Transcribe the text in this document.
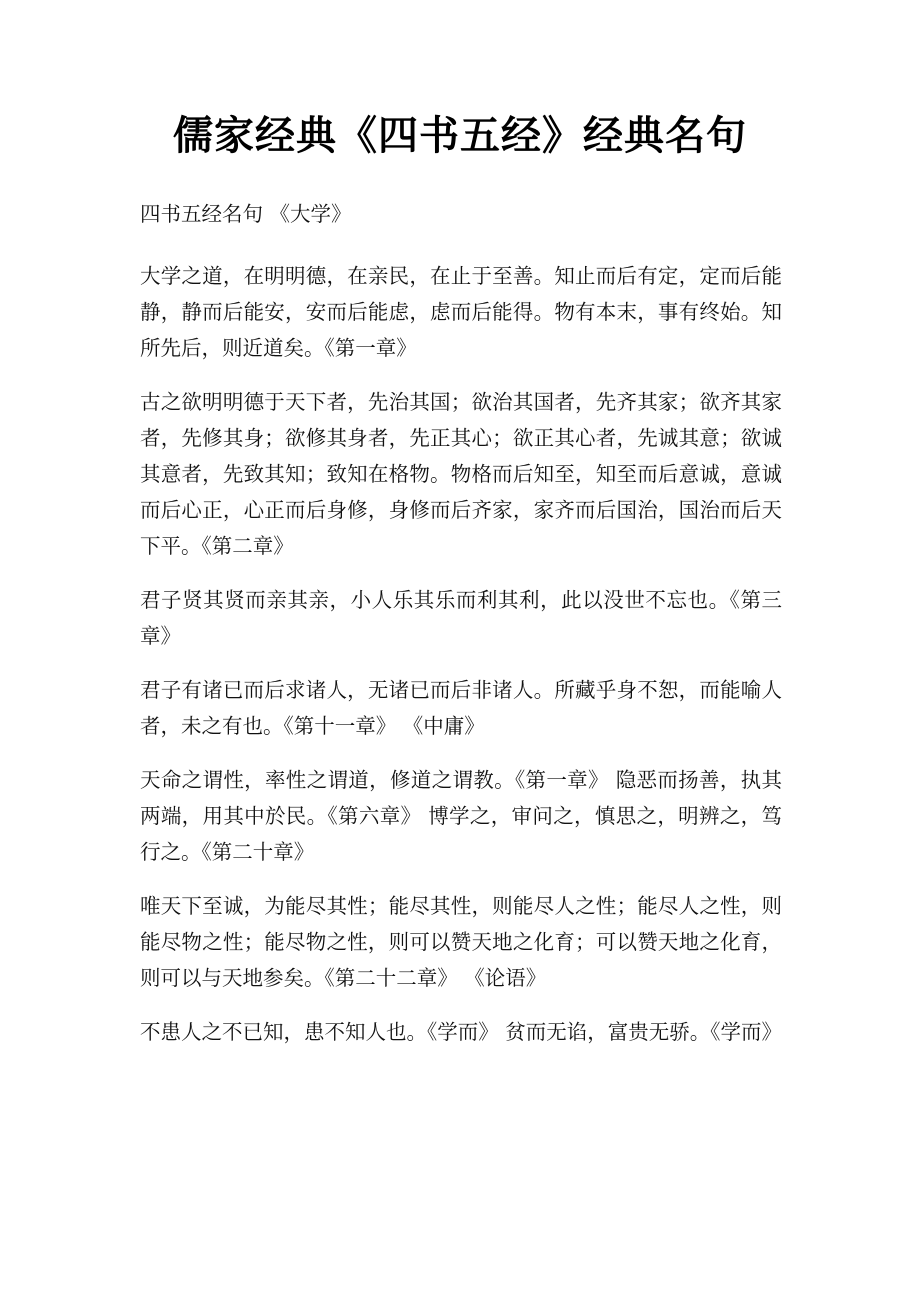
儒家经典《四书五经》经典名句

四书五经名句 《大学》

大学之道，在明明德，在亲民，在止于至善。知止而后有定，定而后能静，静而后能安，安而后能虑，虑而后能得。物有本末，事有终始。知所先后，则近道矣。《第一章》

古之欲明明德于天下者，先治其国；欲治其国者，先齐其家；欲齐其家者，先修其身；欲修其身者，先正其心；欲正其心者，先诚其意；欲诚其意者，先致其知；致知在格物。物格而后知至，知至而后意诚，意诚而后心正，心正而后身修，身修而后齐家，家齐而后国治，国治而后天下平。《第二章》

君子贤其贤而亲其亲，小人乐其乐而利其利，此以没世不忘也。《第三章》

君子有诸已而后求诸人，无诸已而后非诸人。所藏乎身不恕，而能喻人者，未之有也。《第十一章》 《中庸》

天命之谓性，率性之谓道，修道之谓教。《第一章》 隐恶而扬善，执其两端，用其中於民。《第六章》 博学之，审问之，慎思之，明辨之，笃行之。《第二十章》

唯天下至诚，为能尽其性；能尽其性，则能尽人之性；能尽人之性，则能尽物之性；能尽物之性，则可以赞天地之化育；可以赞天地之化育，则可以与天地参矣。《第二十二章》 《论语》

不患人之不已知，患不知人也。《学而》 贫而无谄，富贵无骄。《学而》
